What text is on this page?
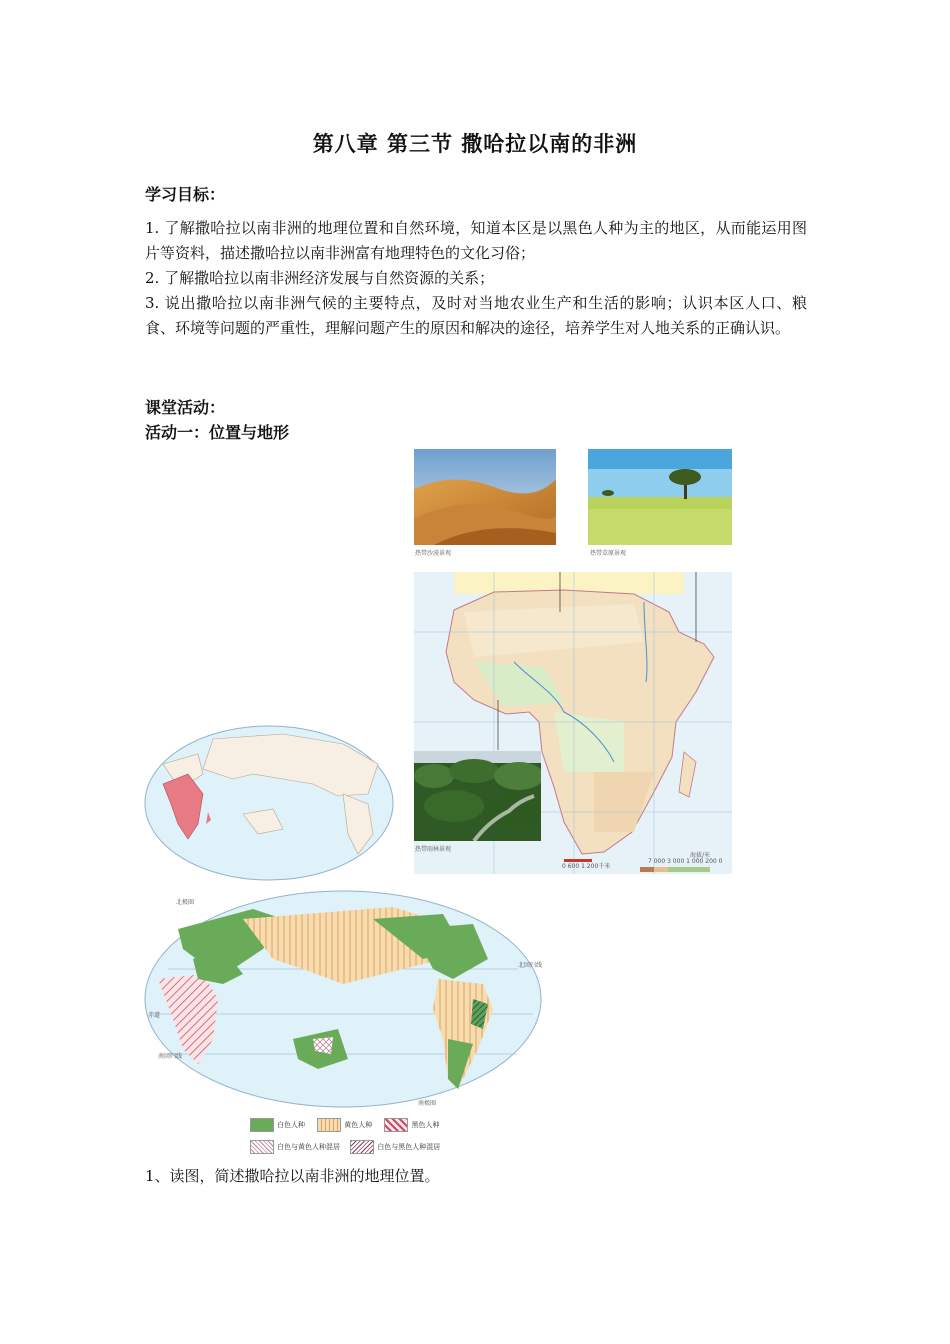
第八章 第三节 撒哈拉以南的非洲
学习目标：
1. 了解撒哈拉以南非洲的地理位置和自然环境，知道本区是以黑色人种为主的地区，从而能运用图片等资料，描述撒哈拉以南非洲富有地理特色的文化习俗；
2. 了解撒哈拉以南非洲经济发展与自然资源的关系；
3. 说出撒哈拉以南非洲气候的主要特点，及时对当地农业生产和生活的影响；认识本区人口、粮食、环境等问题的严重性，理解问题产生的原因和解决的途径，培养学生对人地关系的正确认识。
课堂活动：
活动一：位置与地形
热带沙漠景观	热带草原景观
0 600 1 200千米
海拔/米
7 000 3 000 1 000 200 0
热带雨林景观
北极圈
北回归线
赤道
南回归线
南极圈
白色人种	黄色人种	黑色人种
白色与黄色人种混居	白色与黑色人种混居
1、读图，简述撒哈拉以南非洲的地理位置。
